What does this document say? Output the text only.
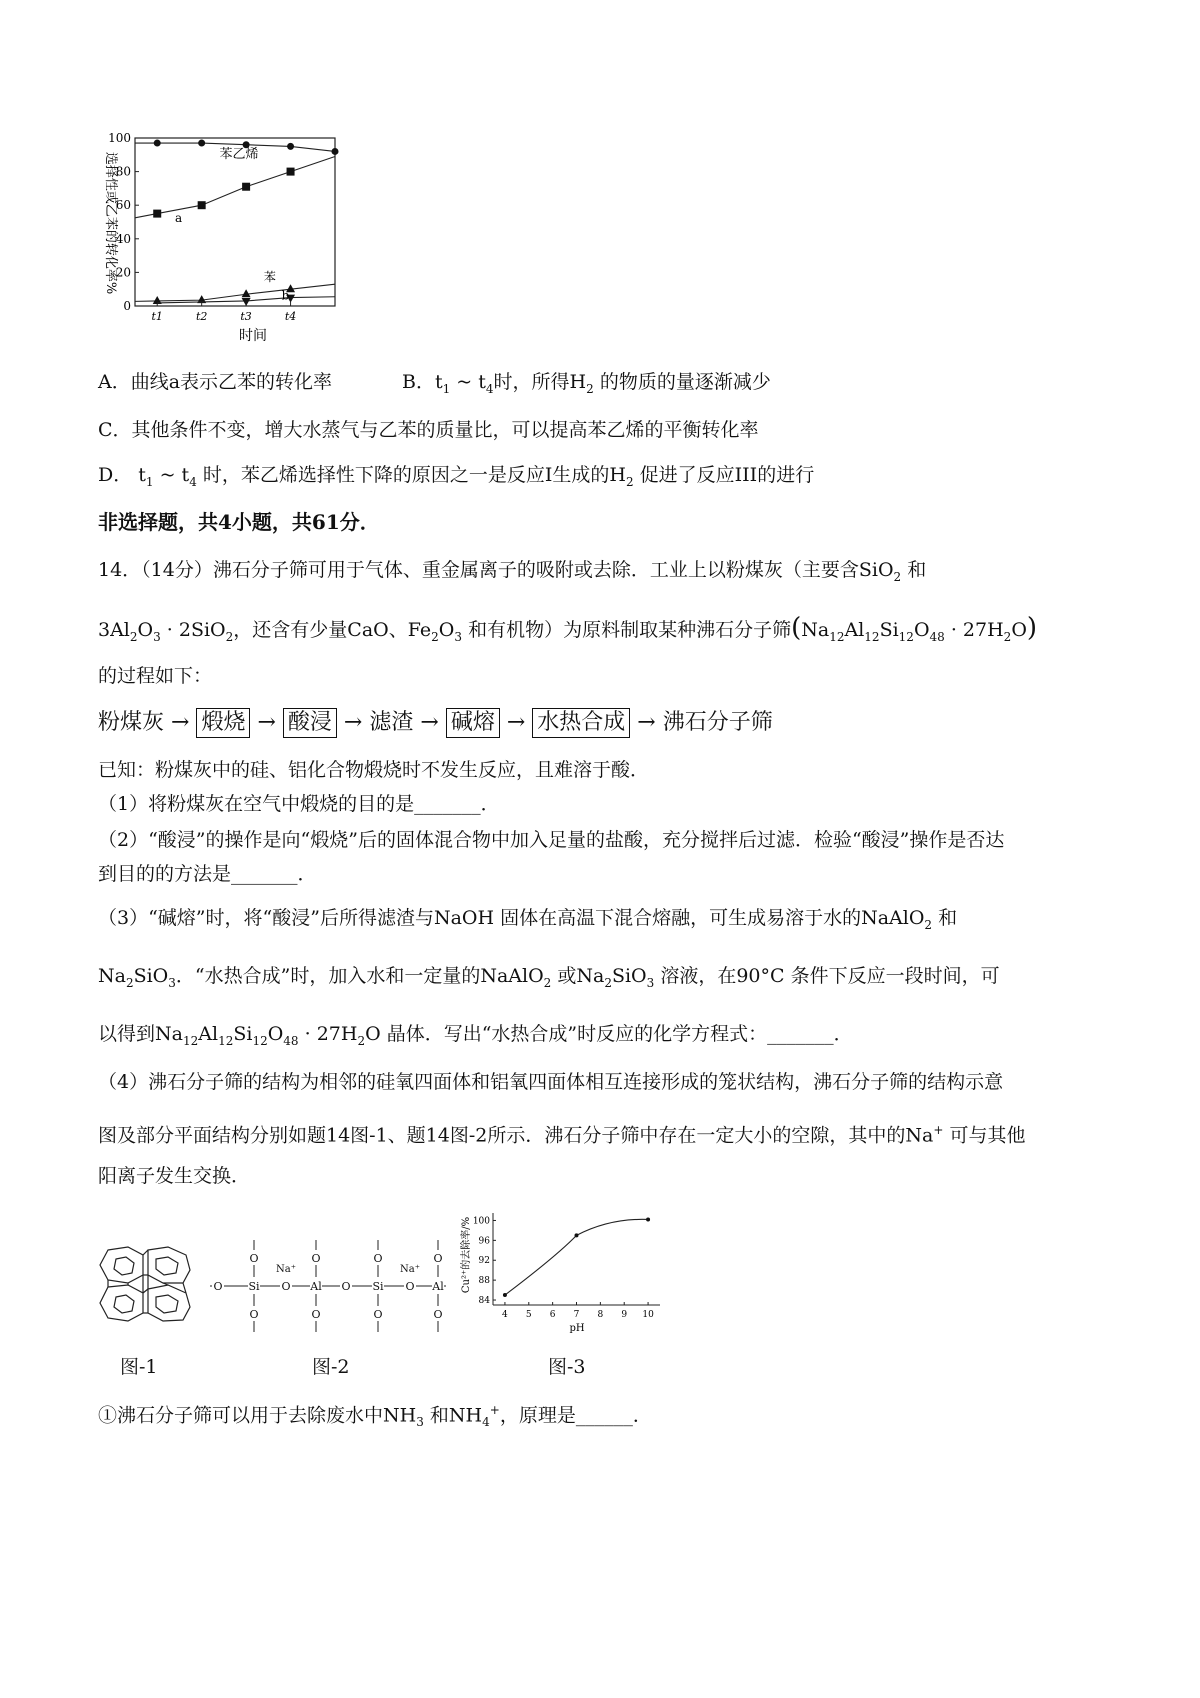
0
20
40
60
80
100
t1	t2	t3	t4
苯乙烯
a
苯
b
选择性或乙苯的转化率%
时间
A．曲线a表示乙苯的转化率	B．$t_1$ ~ $t_4$时，所得$H_2$ 的物质的量逐渐减少
C．其他条件不变，增大水蒸气与乙苯的质量比，可以提高苯乙烯的平衡转化率
D． $t_1$ ~ $t_4$ 时，苯乙烯选择性下降的原因之一是反应I生成的$H_2$ 促进了反应III的进行
非选择题，共4小题，共61分．
14．（14分）沸石分子筛可用于气体、重金属离子的吸附或去除．工业上以粉煤灰（主要含SiO$_2$ 和
$3Al_2O_3 \cdot 2SiO_2$，还含有少量CaO、$Fe_2O_3$ 和有机物）为原料制取某种沸石分子筛$(Na_{12}Al_{12}Si_{12}O_{48} \cdot 27H_2O)$
的过程如下：
粉煤灰 → 煅烧 → 酸浸 → 滤渣 → 碱熔 → 水热合成 → 沸石分子筛
已知：粉煤灰中的硅、铝化合物煅烧时不发生反应，且难溶于酸．
（1）将粉煤灰在空气中煅烧的目的是_______．
（2）“酸浸”的操作是向“煅烧”后的固体混合物中加入足量的盐酸，充分搅拌后过滤．检验“酸浸”操作是否达
到目的的方法是_______．
（3）“碱熔”时，将“酸浸”后所得滤渣与NaOH 固体在高温下混合熔融，可生成易溶于水的NaAlO$_2$ 和
$Na_2SiO_3$．“水热合成”时，加入水和一定量的NaAlO$_2$ 或$Na_2SiO_3$ 溶液，在90°C 条件下反应一段时间，可
以得到$Na_{12}Al_{12}Si_{12}O_{48} \cdot 27H_2O$ 晶体．写出“水热合成”时反应的化学方程式：_______．
（4）沸石分子筛的结构为相邻的硅氧四面体和铝氧四面体相互连接形成的笼状结构，沸石分子筛的结构示意
图及部分平面结构分别如题14图-1、题14图-2所示．沸石分子筛中存在一定大小的空隙，其中的Na+ 可与其他
阳离子发生交换．
O Si O Al O Si O Al
O
O
O
O
O
O
O
O
Na⁺	Na⁺
84
88
92
96
100
4 5 6 7 8 9 10
Cu²⁺的去除率/%
pH
图-1	图-2	图-3
①沸石分子筛可以用于去除废水中$NH_3$ 和$NH_4^+$，原理是______．
